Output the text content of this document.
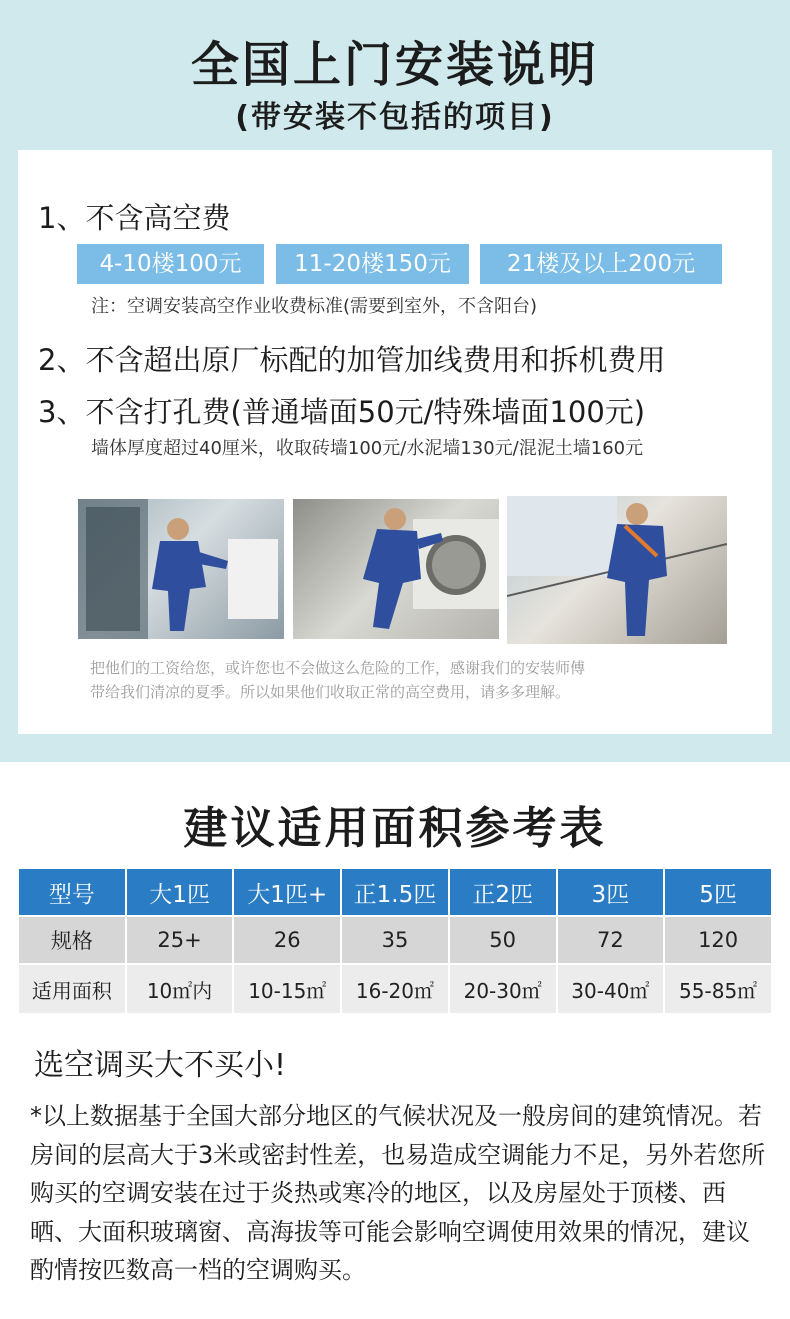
全国上门安装说明
(带安装不包括的项目)
1、不含高空费
4-10楼100元	11-20楼150元	21楼及以上200元
注：空调安装高空作业收费标准(需要到室外，不含阳台)
2、不含超出原厂标配的加管加线费用和拆机费用
3、不含打孔费(普通墙面50元/特殊墙面100元)
墙体厚度超过40厘米，收取砖墙100元/水泥墙130元/混泥土墙160元
把他们的工资给您，或许您也不会做这么危险的工作，感谢我们的安装师傅
带给我们清凉的夏季。所以如果他们收取正常的高空费用，请多多理解。
建议适用面积参考表
型号	大1匹	大1匹+	正1.5匹	正2匹	3匹	5匹
规格	25+	26	35	50	72	120
适用面积	10㎡内	10-15㎡	16-20㎡	20-30㎡	30-40㎡	55-85㎡
选空调买大不买小!
*以上数据基于全国大部分地区的气候状况及一般房间的建筑情况。若房间的层高大于3米或密封性差，也易造成空调能力不足，另外若您所购买的空调安装在过于炎热或寒冷的地区，以及房屋处于顶楼、西晒、大面积玻璃窗、高海拔等可能会影响空调使用效果的情况，建议酌情按匹数高一档的空调购买。
